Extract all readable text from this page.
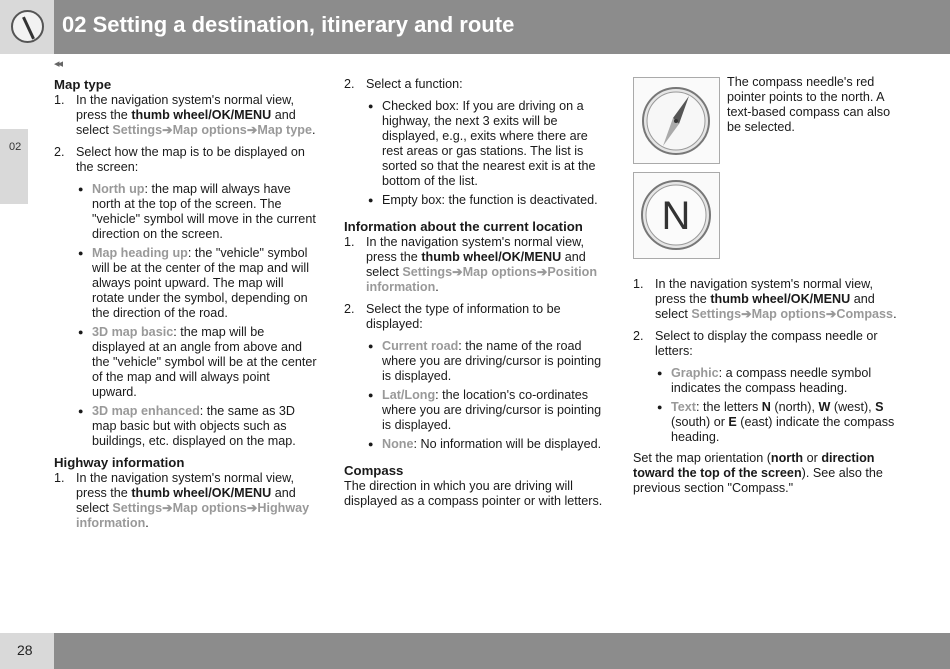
02 Setting a destination, itinerary and route
◂◂
02
Map type
1. In the navigation system's normal view, press the thumb wheel/OK/MENU and select Settings➔Map options➔Map type.
2. Select how the map is to be displayed on the screen:
● North up: the map will always have north at the top of the screen. The "vehicle" symbol will move in the current direction on the screen.
● Map heading up: the "vehicle" symbol will be at the center of the map and will always point upward. The map will rotate under the symbol, depending on the direction of the road.
● 3D map basic: the map will be displayed at an angle from above and the "vehicle" symbol will be at the center of the map and will always point upward.
● 3D map enhanced: the same as 3D map basic but with objects such as buildings, etc. displayed on the map.
Highway information
1. In the navigation system's normal view, press the thumb wheel/OK/MENU and select Settings➔Map options➔Highway information.
2. Select a function:
● Checked box: If you are driving on a highway, the next 3 exits will be displayed, e.g., exits where there are rest areas or gas stations. The list is sorted so that the nearest exit is at the bottom of the list.
● Empty box: the function is deactivated.
Information about the current location
1. In the navigation system's normal view, press the thumb wheel/OK/MENU and select Settings➔Map options➔Position information.
2. Select the type of information to be displayed:
● Current road: the name of the road where you are driving/cursor is pointing is displayed.
● Lat/Long: the location's co-ordinates where you are driving/cursor is pointing is displayed.
● None: No information will be displayed.
Compass

The direction in which you are driving will displayed as a compass pointer or with letters.

The compass needle's red pointer points to the north. A text-based compass can also be selected.
N
1. In the navigation system's normal view, press the thumb wheel/OK/MENU and select Settings➔Map options➔Compass.
2. Select to display the compass needle or letters:
● Graphic: a compass needle symbol indicates the compass heading.
● Text: the letters N (north), W (west), S (south) or E (east) indicate the compass heading.

Set the map orientation (north or direction toward the top of the screen). See also the previous section "Compass."

28
